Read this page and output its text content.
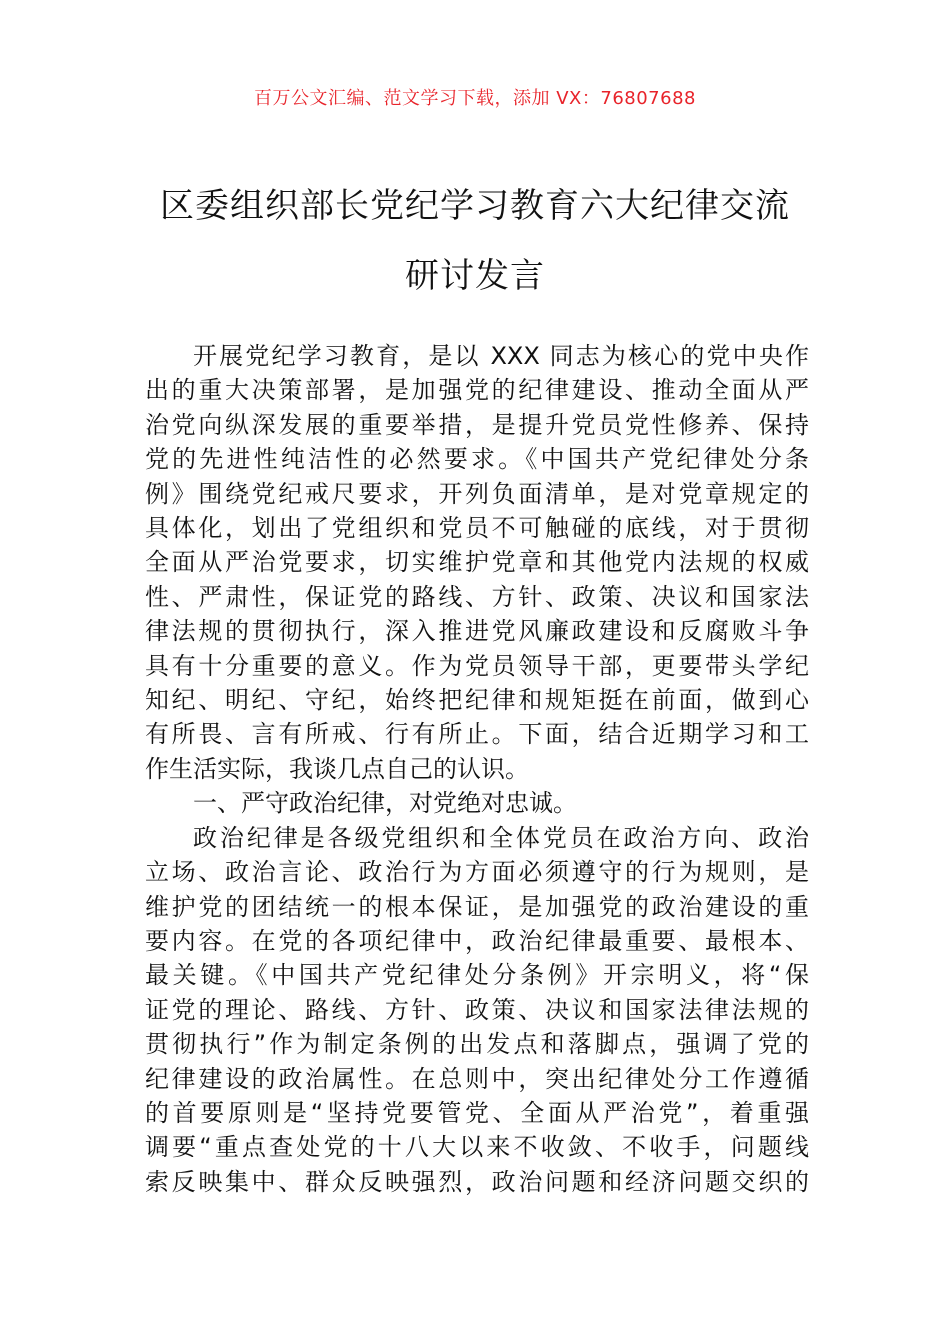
百万公文汇编、范文学习下载，添加 VX：76807688
区委组织部长党纪学习教育六大纪律交流
研讨发言
开展党纪学习教育，是以 XXX 同志为核心的党中央作
出的重大决策部署，是加强党的纪律建设、推动全面从严
治党向纵深发展的重要举措，是提升党员党性修养、保持
党的先进性纯洁性的必然要求。《中国共产党纪律处分条
例》围绕党纪戒尺要求，开列负面清单，是对党章规定的
具体化，划出了党组织和党员不可触碰的底线，对于贯彻
全面从严治党要求，切实维护党章和其他党内法规的权威
性、严肃性，保证党的路线、方针、政策、决议和国家法
律法规的贯彻执行，深入推进党风廉政建设和反腐败斗争
具有十分重要的意义。作为党员领导干部，更要带头学纪
知纪、明纪、守纪，始终把纪律和规矩挺在前面，做到心
有所畏、言有所戒、行有所止。下面，结合近期学习和工
作生活实际，我谈几点自己的认识。
一、严守政治纪律，对党绝对忠诚。
政治纪律是各级党组织和全体党员在政治方向、政治
立场、政治言论、政治行为方面必须遵守的行为规则，是
维护党的团结统一的根本保证，是加强党的政治建设的重
要内容。在党的各项纪律中，政治纪律最重要、最根本、
最关键。《中国共产党纪律处分条例》开宗明义，将“保
证党的理论、路线、方针、政策、决议和国家法律法规的
贯彻执行”作为制定条例的出发点和落脚点，强调了党的
纪律建设的政治属性。在总则中，突出纪律处分工作遵循
的首要原则是“坚持党要管党、全面从严治党”，着重强
调要“重点查处党的十八大以来不收敛、不收手，问题线
索反映集中、群众反映强烈，政治问题和经济问题交织的
